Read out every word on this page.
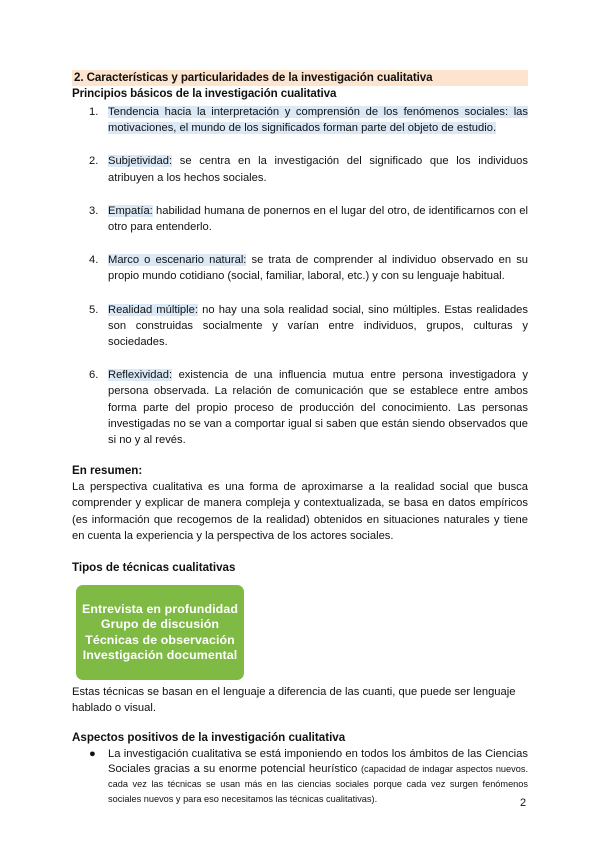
2. Características y particularidades de la investigación cualitativa
Principios básicos de la investigación cualitativa
1. Tendencia hacia la interpretación y comprensión de los fenómenos sociales: las motivaciones, el mundo de los significados forman parte del objeto de estudio.
2. Subjetividad: se centra en la investigación del significado que los individuos atribuyen a los hechos sociales.
3. Empatía: habilidad humana de ponernos en el lugar del otro, de identificarnos con el otro para entenderlo.
4. Marco o escenario natural: se trata de comprender al individuo observado en su propio mundo cotidiano (social, familiar, laboral, etc.) y con su lenguaje habitual.
5. Realidad múltiple: no hay una sola realidad social, sino múltiples. Estas realidades son construidas socialmente y varían entre individuos, grupos, culturas y sociedades.
6. Reflexividad: existencia de una influencia mutua entre persona investigadora y persona observada. La relación de comunicación que se establece entre ambos forma parte del propio proceso de producción del conocimiento. Las personas investigadas no se van a comportar igual si saben que están siendo observados que si no y al revés.
En resumen:

La perspectiva cualitativa es una forma de aproximarse a la realidad social que busca comprender y explicar de manera compleja y contextualizada, se basa en datos empíricos (es información que recogemos de la realidad) obtenidos en situaciones naturales y tiene en cuenta la experiencia y la perspectiva de los actores sociales.

Tipos de técnicas cualitativas
Entrevista en profundidad
Grupo de discusión
Técnicas de observación
Investigación documental

Estas técnicas se basan en el lenguaje a diferencia de las cuanti, que puede ser lenguaje hablado o visual.

Aspectos positivos de la investigación cualitativa
● La investigación cualitativa se está imponiendo en todos los ámbitos de las Ciencias Sociales gracias a su enorme potencial heurístico (capacidad de indagar aspectos nuevos. cada vez las técnicas se usan más en las ciencias sociales porque cada vez surgen fenómenos sociales nuevos y para eso necesitamos las técnicas cualitativas).	2
